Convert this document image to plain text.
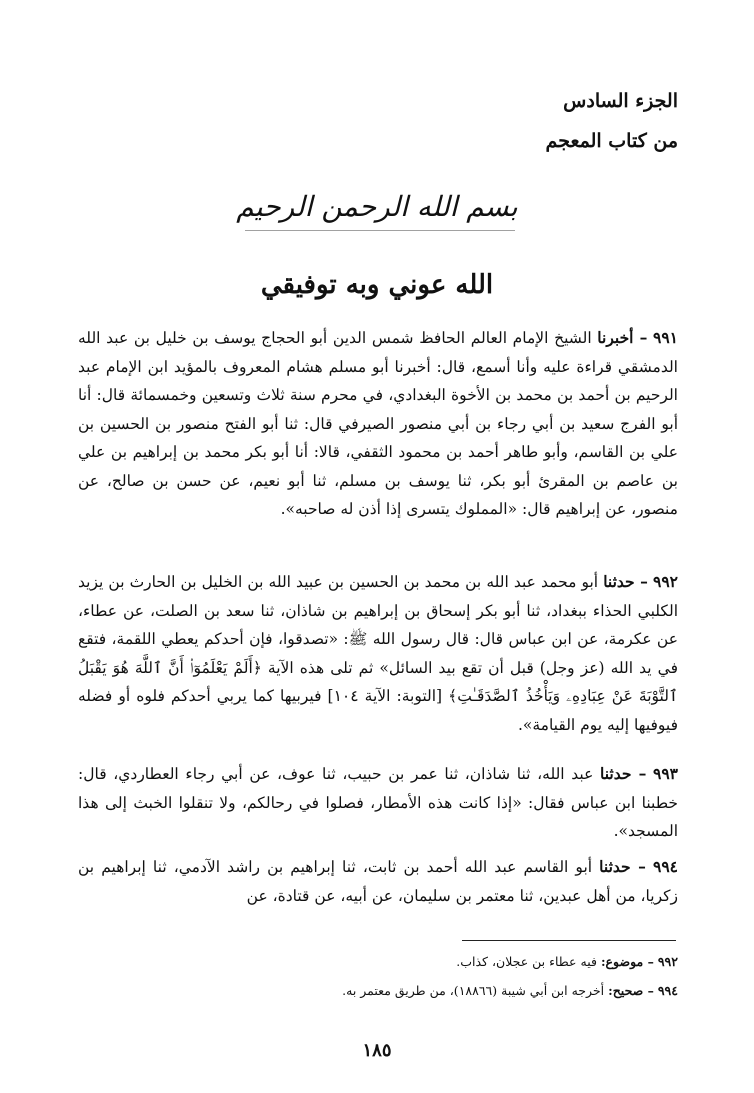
الجزء السادس

من كتاب المعجم

بسم الله الرحمن الرحيم
الله عوني وبه توفيقي

٩٩١ – أخبرنا الشيخ الإمام العالم الحافظ شمس الدين أبو الحجاج يوسف بن خليل بن عبد الله الدمشقي قراءة عليه وأنا أسمع، قال: أخبرنا أبو مسلم هشام المعروف بالمؤيد ابن الإمام عبد الرحيم بن أحمد بن محمد بن الأخوة البغدادي، في محرم سنة ثلاث وتسعين وخمسمائة قال: أنا أبو الفرج سعيد بن أبي رجاء بن أبي منصور الصيرفي قال: ثنا أبو الفتح منصور بن الحسين بن علي بن القاسم، وأبو طاهر أحمد بن محمود الثقفي، قالا: أنا أبو بكر محمد بن إبراهيم بن علي بن عاصم بن المقرئ أبو بكر، ثنا يوسف بن مسلم، ثنا أبو نعيم، عن حسن بن صالح، عن منصور، عن إبراهيم قال: «المملوك يتسرى إذا أذن له صاحبه».

٩٩٢ – حدثنا أبو محمد عبد الله بن محمد بن الحسين بن عبيد الله بن الخليل بن الحارث بن يزيد الكلبي الحذاء ببغداد، ثنا أبو بكر إسحاق بن إبراهيم بن شاذان، ثنا سعد بن الصلت، عن عطاء، عن عكرمة، عن ابن عباس قال: قال رسول الله ﷺ: «تصدقوا، فإن أحدكم يعطي اللقمة، فتقع في يد الله (عز وجل) قبل أن تقع بيد السائل» ثم تلى هذه الآية ﴿أَلَمْ يَعْلَمُوٓا۟ أَنَّ ٱللَّهَ هُوَ يَقْبَلُ ٱلتَّوْبَةَ عَنْ عِبَادِهِۦ وَيَأْخُذُ ٱلصَّدَقَـٰتِ﴾ [التوبة: الآية ١٠٤] فيربيها كما يربي أحدكم فلوه أو فضله فيوفيها إليه يوم القيامة».

٩٩٣ – حدثنا عبد الله، ثنا شاذان، ثنا عمر بن حبيب، ثنا عوف، عن أبي رجاء العطاردي، قال: خطبنا ابن عباس فقال: «إذا كانت هذه الأمطار، فصلوا في رحالكم، ولا تنقلوا الخبث إلى هذا المسجد».

٩٩٤ – حدثنا أبو القاسم عبد الله أحمد بن ثابت، ثنا إبراهيم بن راشد الآدمي، ثنا إبراهيم بن زكريا، من أهل عبدين، ثنا معتمر بن سليمان، عن أبيه، عن قتادة، عن

٩٩٢ – موضوع: فيه عطاء بن عجلان، كذاب.

٩٩٤ – صحيح: أخرجه ابن أبي شيبة (١٨٨٦٦)، من طريق معتمر به.

١٨٥
